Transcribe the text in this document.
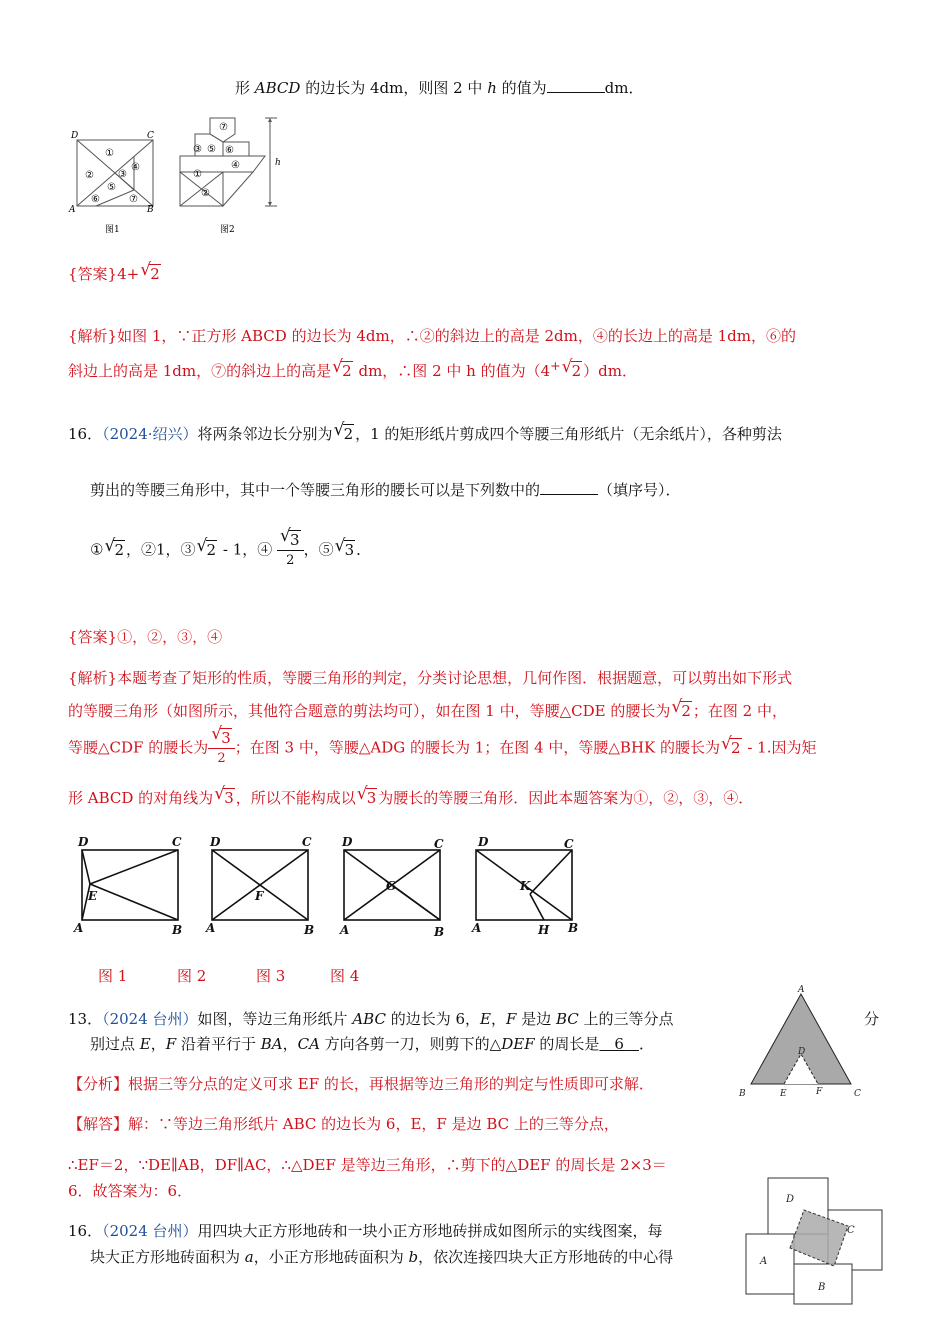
形 ABCD 的边长为 4dm，则图 2 中 h 的值为	dm．
D	C
A	B
①
② ③
④
⑤
⑥	⑦
图1
⑦
③ ⑤ ⑥
④
①
②
h
图2
{答案}4+ √ 2
{解析}如图 1，∵正方形 ABCD 的边长为 4dm，∴②的斜边上的高是 2dm，④的长边上的高是 1dm，⑥的
斜边上的高是 1dm，⑦的斜边上的高是 √ 2 dm，∴图 2 中 h 的值为（4+ √ 2 ）dm．
16．（2024·绍兴）将两条邻边长分别为 √ 2 ，1 的矩形纸片剪成四个等腰三角形纸片（无余纸片），各种剪法
剪出的等腰三角形中，其中一个等腰三角形的腰长可以是下列数中的	（填序号）．
① √ 2 ，②1，③ √ 2 - 1，④ $\frac{√ 3}{2}$ ，⑤ √ 3 ．
{答案}①，②，③，④
{解析}本题考查了矩形的性质，等腰三角形的判定，分类讨论思想，几何作图．根据题意，可以剪出如下形式
的等腰三角形（如图所示，其他符合题意的剪法均可），如在图 1 中，等腰△CDE 的腰长为 √ 2 ；在图 2 中，
等腰△CDF 的腰长为 $\frac{√ 3}{2}$ ；在图 3 中，等腰△ADG 的腰长为 1；在图 4 中，等腰△BHK 的腰长为 √ 2 - 1.因为矩
形 ABCD 的对角线为 √ 3 ，所以不能构成以 √ 3 为腰长的等腰三角形．因此本题答案为①，②，③，④．
D	C
A	B
E
D	C
A	B
F
D	C
A	B
G
D	C
A	H B
K
图 1	图 2	图 3	图 4
13．（2024 台州）如图，等边三角形纸片 ABC 的边长为 6，E，F 是边 BC 上的三等分点	分
别过点 E，F 沿着平行于 BA，CA 方向各剪一刀，则剪下的△DEF 的周长是　6　．
A
B	C
D
E	F
【分析】根据三等分点的定义可求 EF 的长，再根据等边三角形的判定与性质即可求解．
【解答】解：∵等边三角形纸片 ABC 的边长为 6，E，F 是边 BC 上的三等分点，
∴EF＝2，∵DE∥AB，DF∥AC，∴△DEF 是等边三角形，∴剪下的△DEF 的周长是 2×3＝
6．故答案为：6．
16．（2024 台州）用四块大正方形地砖和一块小正方形地砖拼成如图所示的实线图案，每
块大正方形地砖面积为 a，小正方形地砖面积为 b，依次连接四块大正方形地砖的中心得
D
C
A
B
